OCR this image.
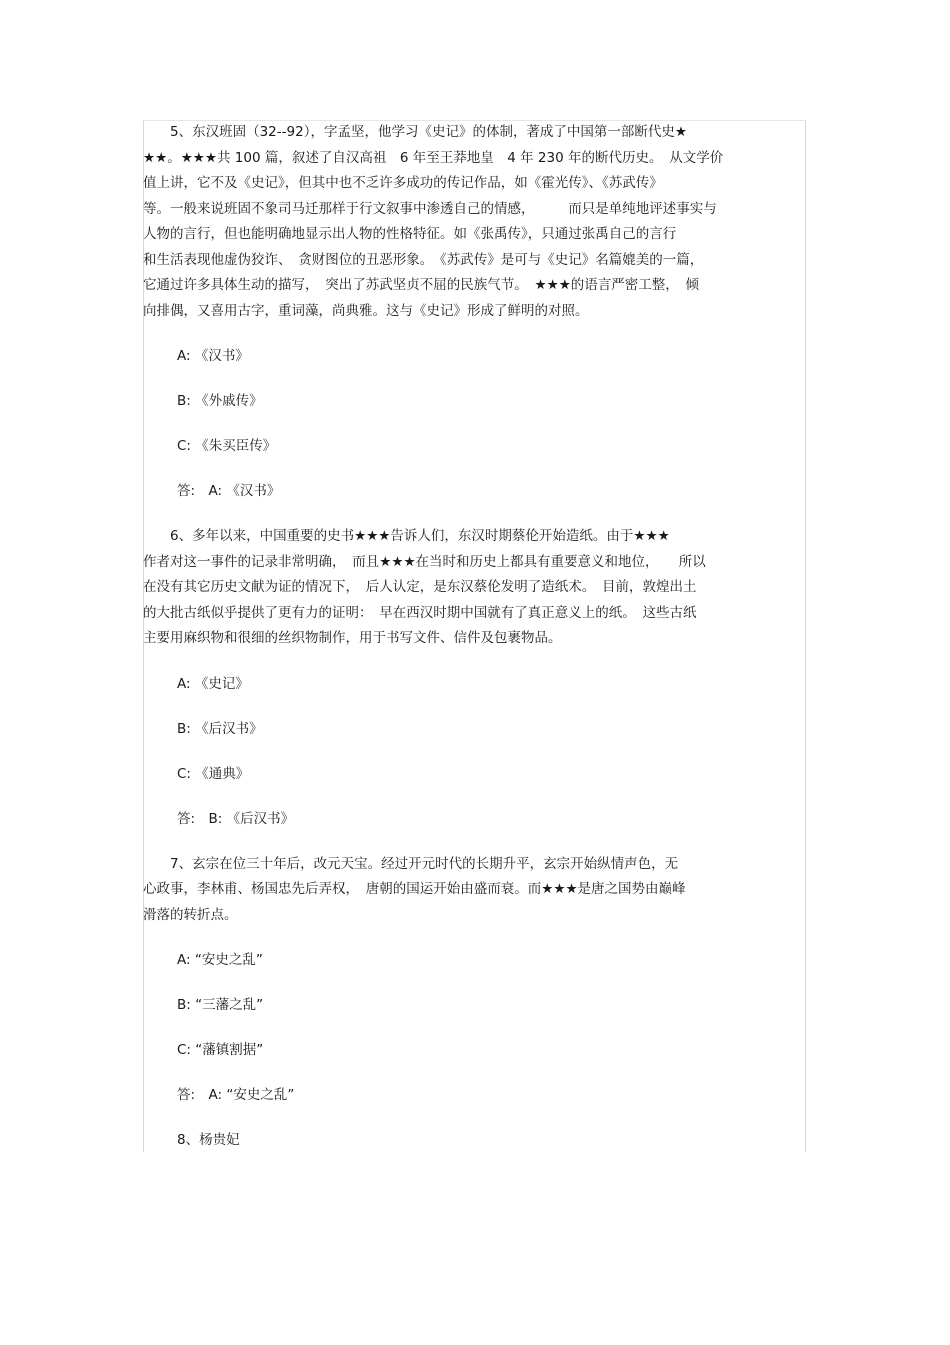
　　5、东汉班固（32--92），字孟坚，他学习《史记》的体制，著成了中国第一部断代史★
★★。★★★共 100 篇，叙述了自汉高祖　6 年至王莽地皇　4 年 230 年的断代历史。　从文学价
值上讲，它不及《史记》，但其中也不乏许多成功的传记作品，如《霍光传》、《苏武传》
等。一般来说班固不象司马迁那样于行文叙事中渗透自己的情感，　　　而只是单纯地评述事实与
人物的言行，但也能明确地显示出人物的性格特征。如《张禹传》，只通过张禹自己的言行
和生活表现他虚伪狡诈、　贪财图位的丑恶形象。　《苏武传》是可与《史记》名篇媲美的一篇，
它通过许多具体生动的描写，　突出了苏武坚贞不屈的民族气节。　★★★的语言严密工整，　倾
向排偶，又喜用古字，重词藻，尚典雅。这与《史记》形成了鲜明的对照。

A: 《汉书》

B: 《外戚传》

C: 《朱买臣传》

答:　A: 《汉书》

　　6、多年以来，中国重要的史书★★★告诉人们，东汉时期蔡伦开始造纸。由于★★★
作者对这一事件的记录非常明确，　而且★★★在当时和历史上都具有重要意义和地位，　　所以
在没有其它历史文献为证的情况下，　后人认定，是东汉蔡伦发明了造纸术。　目前，敦煌出土
的大批古纸似乎提供了更有力的证明：　早在西汉时期中国就有了真正意义上的纸。　这些古纸
主要用麻织物和很细的丝织物制作，用于书写文件、信件及包裹物品。

A: 《史记》

B: 《后汉书》

C: 《通典》

答:　B: 《后汉书》

　　7、玄宗在位三十年后，改元天宝。经过开元时代的长期升平，玄宗开始纵情声色，无
心政事，李林甫、杨国忠先后弄权，　唐朝的国运开始由盛而衰。而★★★是唐之国势由巅峰
滑落的转折点。

A: “安史之乱”

B: “三藩之乱”

C: “藩镇割据”

答:　A: “安史之乱”

8、杨贵妃
